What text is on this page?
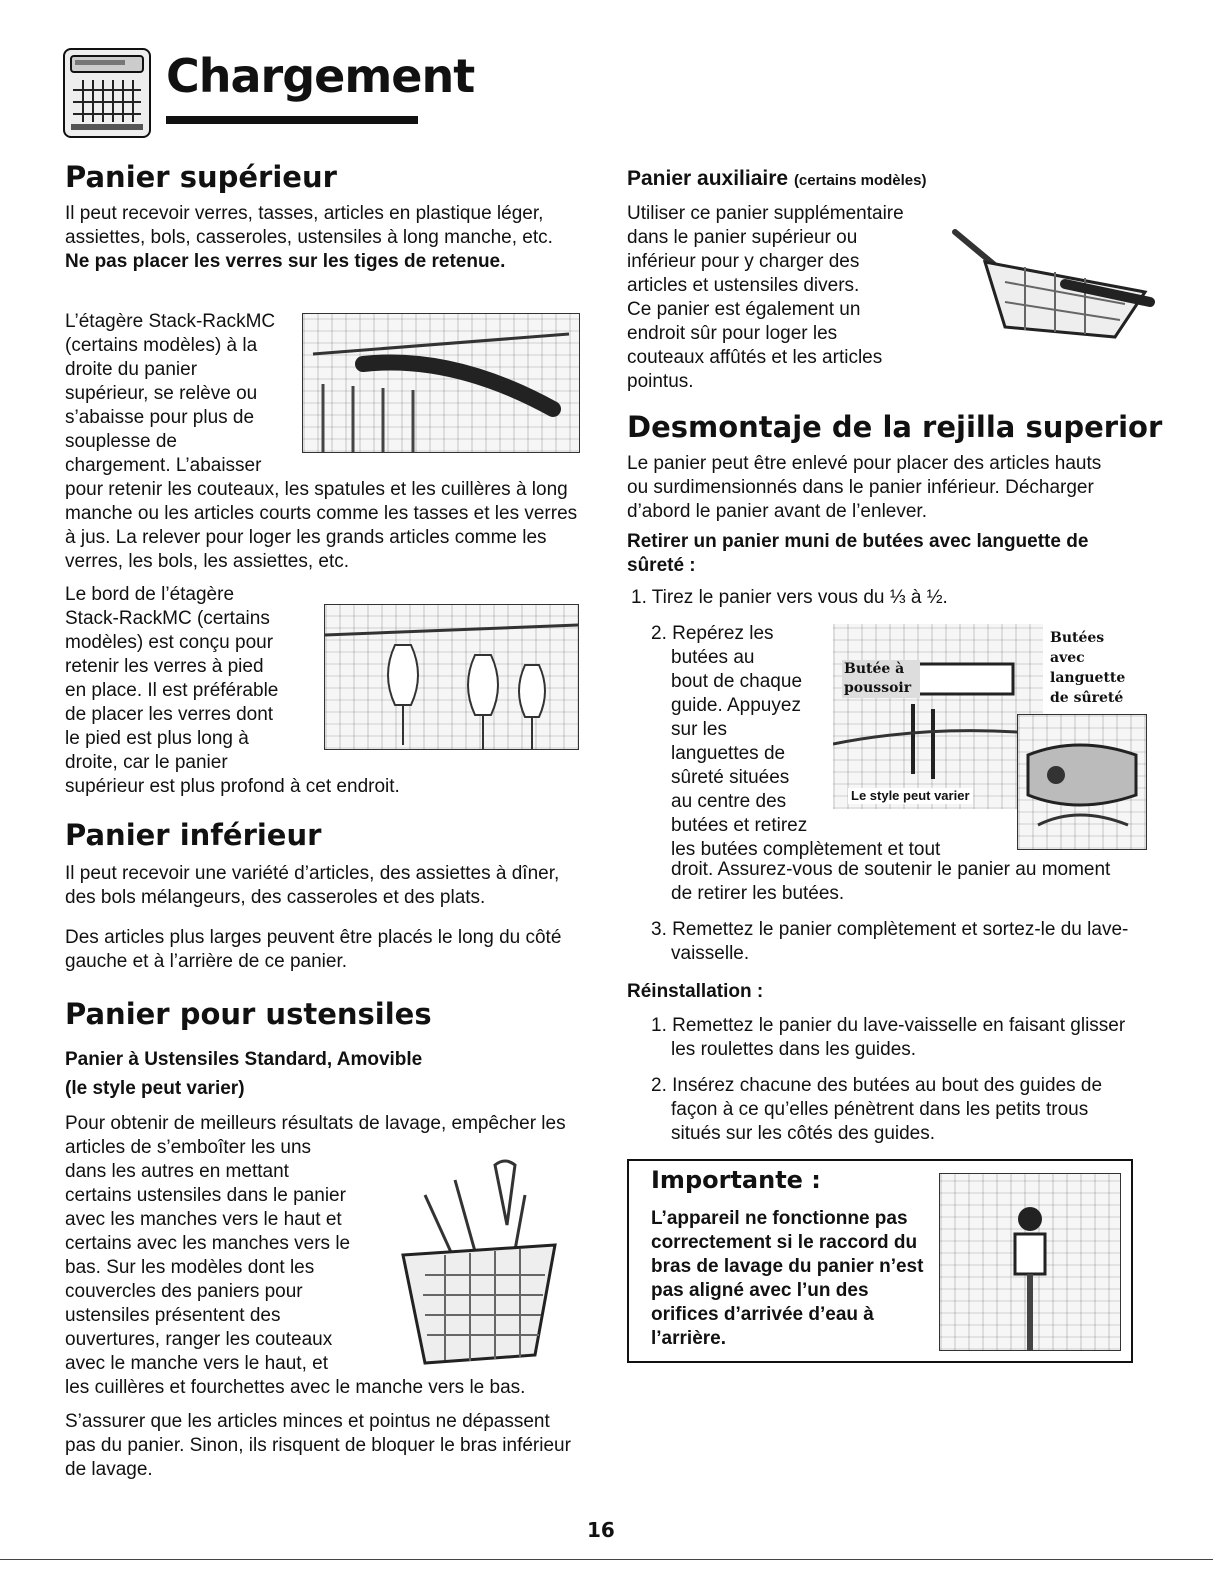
Chargement
Panier supérieur
Il peut recevoir verres, tasses, articles en plastique léger, assiettes, bols, casseroles, ustensiles à long manche, etc. Ne pas placer les verres sur les tiges de retenue.
L’étagère Stack-RackMC
(certains modèles) à la
droite du panier
supérieur, se relève ou
s’abaisse pour plus de
souplesse de
chargement. L’abaisser
pour retenir les couteaux, les spatules et les cuillères à long manche ou les articles courts comme les tasses et les verres à jus. La relever pour loger les grands articles comme les verres, les bols, les assiettes, etc.
Le bord de l’étagère
Stack-RackMC (certains
modèles) est conçu pour
retenir les verres à pied
en place. Il est préférable
de placer les verres dont
le pied est plus long à
droite, car le panier
supérieur est plus profond à cet endroit.
Panier inférieur

Il peut recevoir une variété d’articles, des assiettes à dîner, des bols mélangeurs, des casseroles et des plats.

Des articles plus larges peuvent être placés le long du côté gauche et à l’arrière de ce panier.

Panier pour ustensiles
Panier à Ustensiles Standard, Amovible
(le style peut varier)
Pour obtenir de meilleurs résultats de lavage, empêcher les articles de s’emboîter les uns
dans les autres en mettant
certains ustensiles dans le panier
avec les manches vers le haut et
certains avec les manches vers le
bas. Sur les modèles dont les
couvercles des paniers pour
ustensiles présentent des
ouvertures, ranger les couteaux
avec le manche vers le haut, et
les cuillères et fourchettes avec le manche vers le bas.

S’assurer que les articles minces et pointus ne dépassent pas du panier. Sinon, ils risquent de bloquer le bras inférieur de lavage.

Panier auxiliaire (certains modèles)
Utiliser ce panier supplémentaire
dans le panier supérieur ou
inférieur pour y charger des
articles et ustensiles divers.
Ce panier est également un
endroit sûr pour loger les
couteaux affûtés et les articles
pointus.
Desmontaje de la rejilla superior

Le panier peut être enlevé pour placer des articles hauts ou surdimensionnés dans le panier inférieur. Décharger d’abord le panier avant de l’enlever.

Retirer un panier muni de butées avec languette de sûreté :
1. Tirez le panier vers vous du ⅓ à ½.
2. Repérez les
butées au
bout de chaque
guide. Appuyez
sur les
languettes de
sûreté situées
au centre des
butées et retirez
les butées complètement et tout
Butée à poussoir
Butées avec languette de sûreté
Le style peut varier
droit. Assurez-vous de soutenir le panier au moment de retirer les butées.
3. Remettez le panier complètement et sortez-le du lave-vaisselle.
Réinstallation :
1. Remettez le panier du lave-vaisselle en faisant glisser les roulettes dans les guides.
2. Insérez chacune des butées au bout des guides de façon à ce qu’elles pénètrent dans les petits trous situés sur les côtés des guides.
Importante :
L’appareil ne fonctionne pas correctement si le raccord du bras de lavage du panier n’est pas aligné avec l’un des orifices d’arrivée d’eau à l’arrière.
16
